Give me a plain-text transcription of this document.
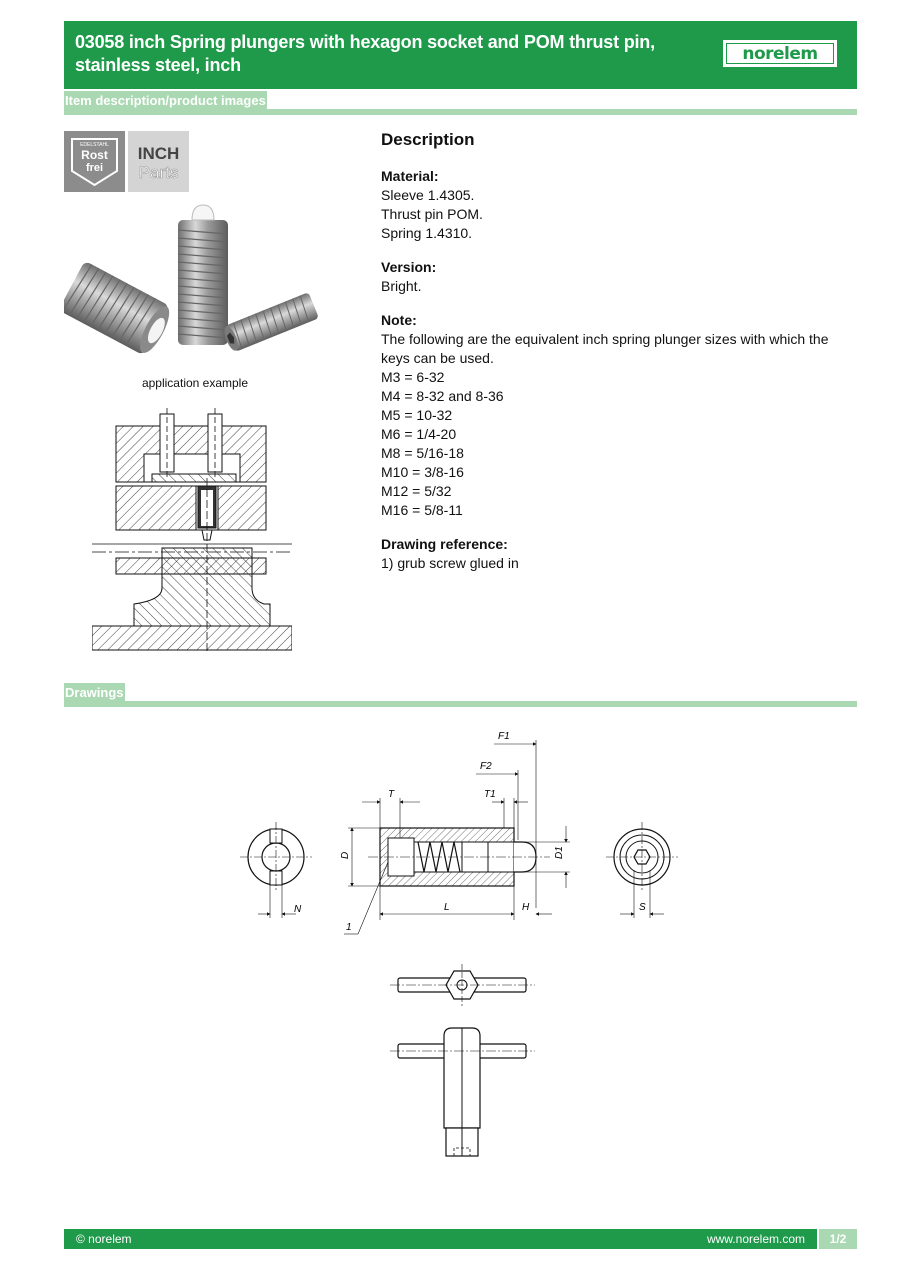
03058 inch Spring plungers with hexagon socket and POM thrust pin, stainless steel, inch
norelem
Item description/product images
EDELSTAHL
Rost
frei
INCH
Parts
application example
Description
Material:
Sleeve 1.4305.
Thrust pin POM.
Spring 1.4310.
Version:
Bright.
Note:
The following are the equivalent inch spring plunger sizes with which the keys can be used.
M3 = 6-32
M4 = 8-32 and 8-36
M5 = 10-32
M6 = 1/4-20
M8 = 5/16-18
M10 = 3/8-16
M12 = 5/32
M16 = 5/8-11
Drawing reference:
1) grub screw glued in
Drawings
N
T	T1
F2
F1
D	D1
L	H
1
S
© norelem	www.norelem.com	1/2
